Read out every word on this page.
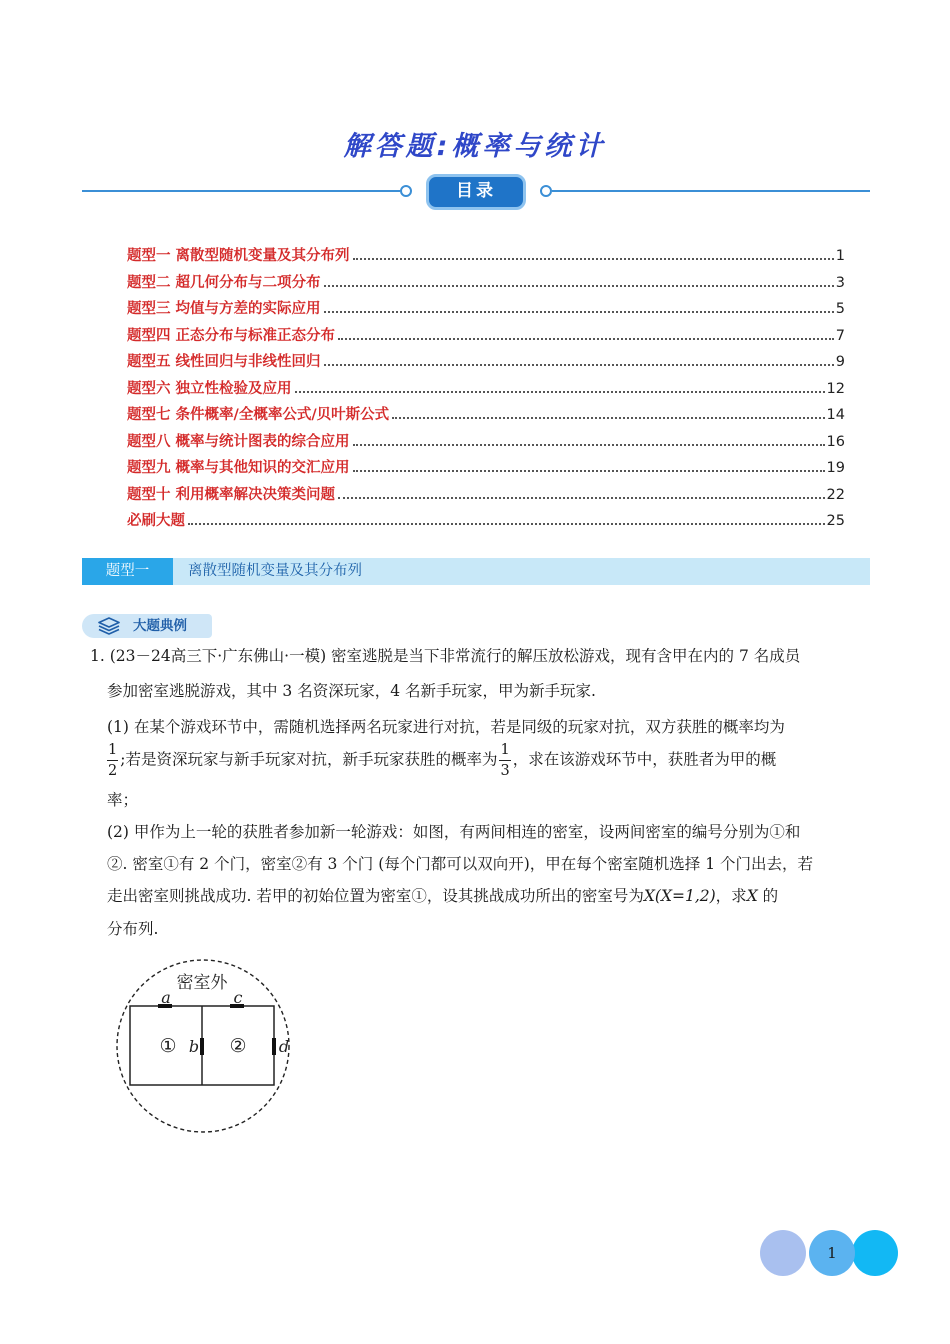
解答题:概率与统计
目录
题型一 离散型随机变量及其分布列	1
题型二 超几何分布与二项分布	3
题型三 均值与方差的实际应用	5
题型四 正态分布与标准正态分布	7
题型五 线性回归与非线性回归	9
题型六 独立性检验及应用	12
题型七 条件概率/全概率公式/贝叶斯公式	14
题型八 概率与统计图表的综合应用	16
题型九 概率与其他知识的交汇应用	19
题型十 利用概率解决决策类问题	22
必刷大题	25
题型一	离散型随机变量及其分布列
大题典例
1. (23－24高三下·广东佛山·一模) 密室逃脱是当下非常流行的解压放松游戏，现有含甲在内的 7 名成员
参加密室逃脱游戏，其中 3 名资深玩家，4 名新手玩家，甲为新手玩家.
(1) 在某个游戏环节中，需随机选择两名玩家进行对抗，若是同级的玩家对抗，双方获胜的概率均为
$\frac{1}{2}$ ;若是资深玩家与新手玩家对抗，新手玩家获胜的概率为 $\frac{1}{3}$ ，求在该游戏环节中，获胜者为甲的概
率；
(2) 甲作为上一轮的获胜者参加新一轮游戏：如图，有两间相连的密室，设两间密室的编号分别为①和
②. 密室①有 2 个门，密室②有 3 个门 (每个门都可以双向开)，甲在每个密室随机选择 1 个门出去，若
走出密室则挑战成功. 若甲的初始位置为密室①，设其挑战成功所出的密室号为X(X=1,2)，求X 的
分布列.
密室外
a	c
b	d
①	②
1
